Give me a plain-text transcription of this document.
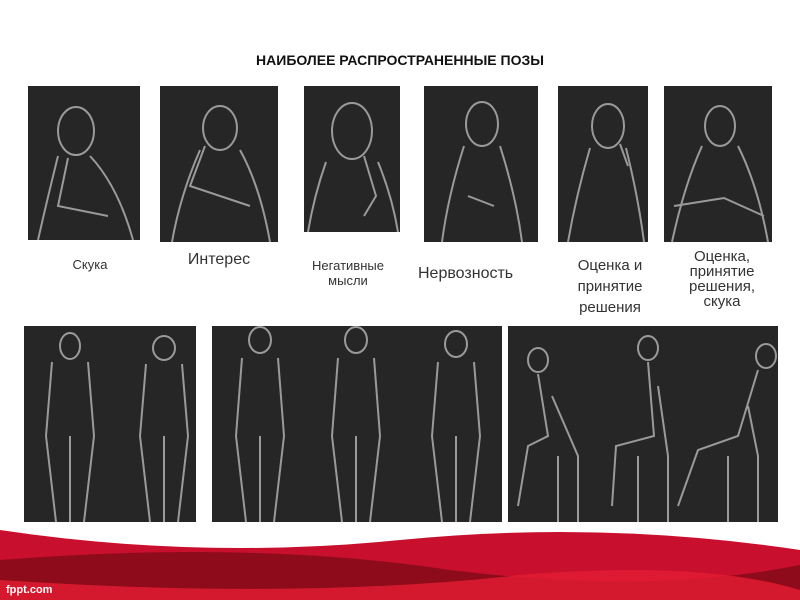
НАИБОЛЕЕ РАСПРОСТРАНЕННЫЕ ПОЗЫ
Скука	Интерес	Негативные мысли	Нервозность	Оценка и принятие решения
Оценка, принятие решения, скука
fppt.com
